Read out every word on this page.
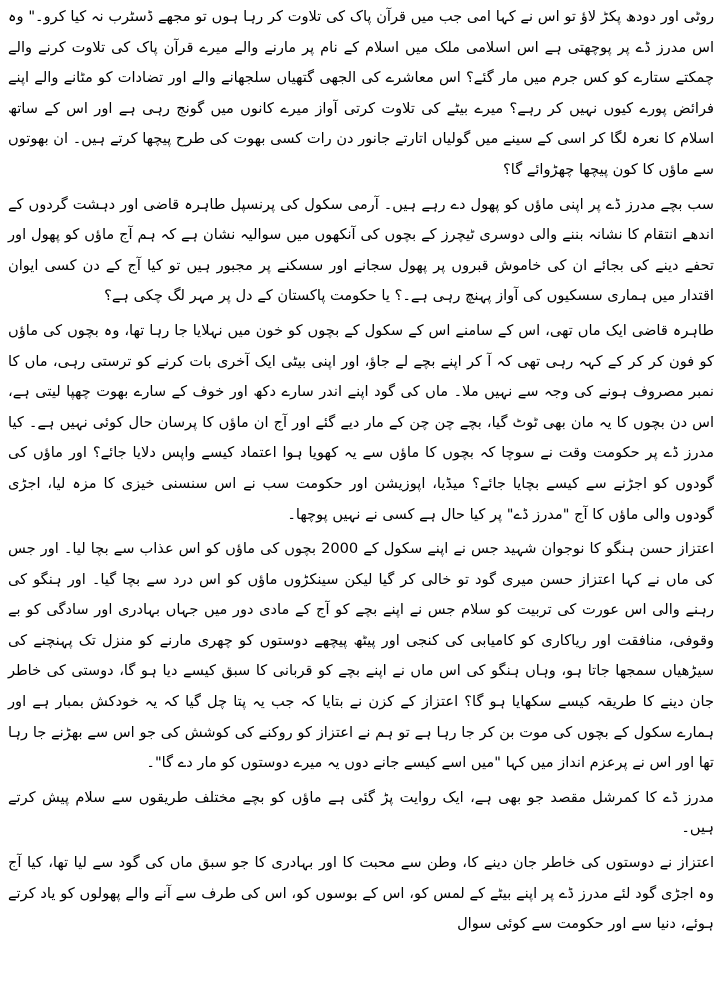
روٹی اور دودھ پکڑ لاؤ تو اس نے کہا امی جب میں قرآن پاک کی تلاوت کر رہا ہوں تو مجھے ڈسٹرب نہ کیا کرو۔" وہ اس مدرز ڈے پر پوچھتی ہے اس اسلامی ملک میں اسلام کے نام پر مارنے والے میرے قرآن پاک کی تلاوت کرنے والے چمکتے ستارے کو کس جرم میں مار گئے؟ اس معاشرے کی الجھی گتھیاں سلجھانے والے اور تضادات کو مٹانے والے اپنے فرائض پورے کیوں نہیں کر رہے؟ میرے بیٹے کی تلاوت کرتی آواز میرے کانوں میں گونج رہی ہے اور اس کے ساتھ اسلام کا نعرہ لگا کر اسی کے سینے میں گولیاں اتارتے جانور دن رات کسی بھوت کی طرح پیچھا کرتے ہیں۔ ان بھوتوں سے ماؤں کا کون پیچھا چھڑوائے گا؟

سب بچے مدرز ڈے پر اپنی ماؤں کو پھول دے رہے ہیں۔ آرمی سکول کی پرنسپل طاہرہ قاضی اور دہشت گردوں کے اندھے انتقام کا نشانہ بننے والی دوسری ٹیچرز کے بچوں کی آنکھوں میں سوالیہ نشان ہے کہ ہم آج ماؤں کو پھول اور تحفے دینے کی بجائے ان کی خاموش قبروں پر پھول سجانے اور سسکنے پر مجبور ہیں تو کیا آج کے دن کسی ایوان اقتدار میں ہماری سسکیوں کی آواز پہنچ رہی ہے۔؟ یا حکومت پاکستان کے دل پر مہر لگ چکی ہے؟

طاہرہ قاضی ایک ماں تھی، اس کے سامنے اس کے سکول کے بچوں کو خون میں نہلایا جا رہا تھا، وہ بچوں کی ماؤں کو فون کر کر کے کہہ رہی تھی کہ آ کر اپنے بچے لے جاؤ، اور اپنی بیٹی ایک آخری بات کرنے کو ترستی رہی، ماں کا نمبر مصروف ہونے کی وجہ سے نہیں ملا۔ ماں کی گود اپنے اندر سارے دکھ اور خوف کے سارے بھوت چھپا لیتی ہے، اس دن بچوں کا یہ مان بھی ٹوٹ گیا، بچے چن چن کے مار دیے گئے اور آج ان ماؤں کا پرسان حال کوئی نہیں ہے۔ کیا مدرز ڈے پر حکومت وقت نے سوچا کہ بچوں کا ماؤں سے یہ کھویا ہوا اعتماد کیسے واپس دلایا جائے؟ اور ماؤں کی گودوں کو اجڑنے سے کیسے بچایا جائے؟ میڈیا، اپوزیشن اور حکومت سب نے اس سنسنی خیزی کا مزہ لیا، اجڑی گودوں والی ماؤں کا آج "مدرز ڈے" پر کیا حال ہے کسی نے نہیں پوچھا۔

اعتزاز حسن ہنگو کا نوجوان شہید جس نے اپنے سکول کے 2000 بچوں کی ماؤں کو اس عذاب سے بچا لیا۔ اور جس کی ماں نے کہا اعتزاز حسن میری گود تو خالی کر گیا لیکن سینکڑوں ماؤں کو اس درد سے بچا گیا۔ اور ہنگو کی رہنے والی اس عورت کی تربیت کو سلام جس نے اپنے بچے کو آج کے مادی دور میں جہاں بہادری اور سادگی کو بے وقوفی، منافقت اور ریاکاری کو کامیابی کی کنجی اور پیٹھ پیچھے دوستوں کو چھری مارنے کو منزل تک پہنچنے کی سیڑھیاں سمجھا جاتا ہو، وہاں ہنگو کی اس ماں نے اپنے بچے کو قربانی کا سبق کیسے دیا ہو گا، دوستی کی خاطر جان دینے کا طریقہ کیسے سکھایا ہو گا؟ اعتزاز کے کزن نے بتایا کہ جب یہ پتا چل گیا کہ یہ خودکش بمبار ہے اور ہمارے سکول کے بچوں کی موت بن کر جا رہا ہے تو ہم نے اعتزاز کو روکنے کی کوشش کی جو اس سے بھڑنے جا رہا تھا اور اس نے پرعزم انداز میں کہا "میں اسے کیسے جانے دوں یہ میرے دوستوں کو مار دے گا"۔

مدرز ڈے کا کمرشل مقصد جو بھی ہے، ایک روایت پڑ گئی ہے ماؤں کو بچے مختلف طریقوں سے سلام پیش کرتے ہیں۔

اعتزاز نے دوستوں کی خاطر جان دینے کا، وطن سے محبت کا اور بہادری کا جو سبق ماں کی گود سے لیا تھا، کیا آج وہ اجڑی گود لئے مدرز ڈے پر اپنے بیٹے کے لمس کو، اس کے بوسوں کو، اس کی طرف سے آنے والے پھولوں کو یاد کرتے ہوئے، دنیا سے اور حکومت سے کوئی سوال
